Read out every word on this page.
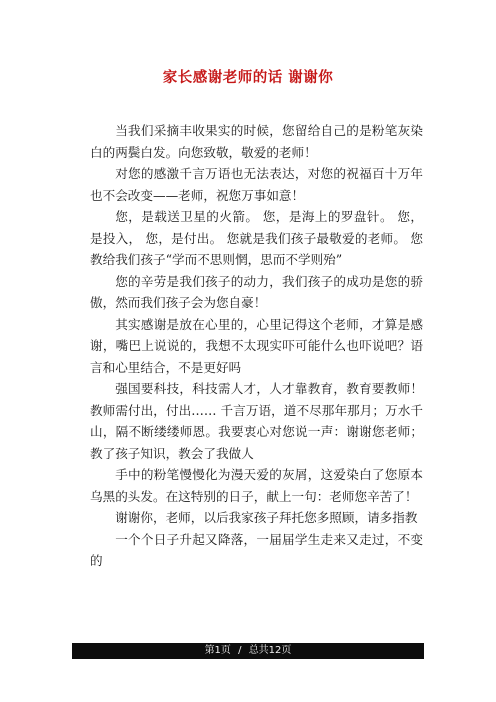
家长感谢老师的话 谢谢你

当我们采摘丰收果实的时候，您留给自己的是粉笔灰染白的两鬓白发。向您致敬，敬爱的老师！

对您的感激千言万语也无法表达，对您的祝福百十万年也不会改变——老师，祝您万事如意！

您，是载送卫星的火箭。 您，是海上的罗盘针。 您，是投入， 您，是付出。 您就是我们孩子最敬爱的老师。 您教给我们孩子“学而不思则惘，思而不学则殆”

您的辛劳是我们孩子的动力，我们孩子的成功是您的骄傲，然而我们孩子会为您自豪！

其实感谢是放在心里的，心里记得这个老师，才算是感谢，嘴巴上说说的，我想不太现实吓可能什么也吓说吧？语言和心里结合，不是更好吗

强国要科技，科技需人才，人才靠教育，教育要教师！教师需付出，付出…… 千言万语，道不尽那年那月；万水千山，隔不断缕缕师恩。我要衷心对您说一声：谢谢您老师；教了孩子知识，教会了我做人

手中的粉笔慢慢化为漫天爱的灰屑，这爱染白了您原本乌黑的头发。在这特别的日子，献上一句：老师您辛苦了！

谢谢你，老师，以后我家孩子拜托您多照顾，请多指教

一个个日子升起又降落，一届届学生走来又走过，不变的

第1页 / 总共12页
